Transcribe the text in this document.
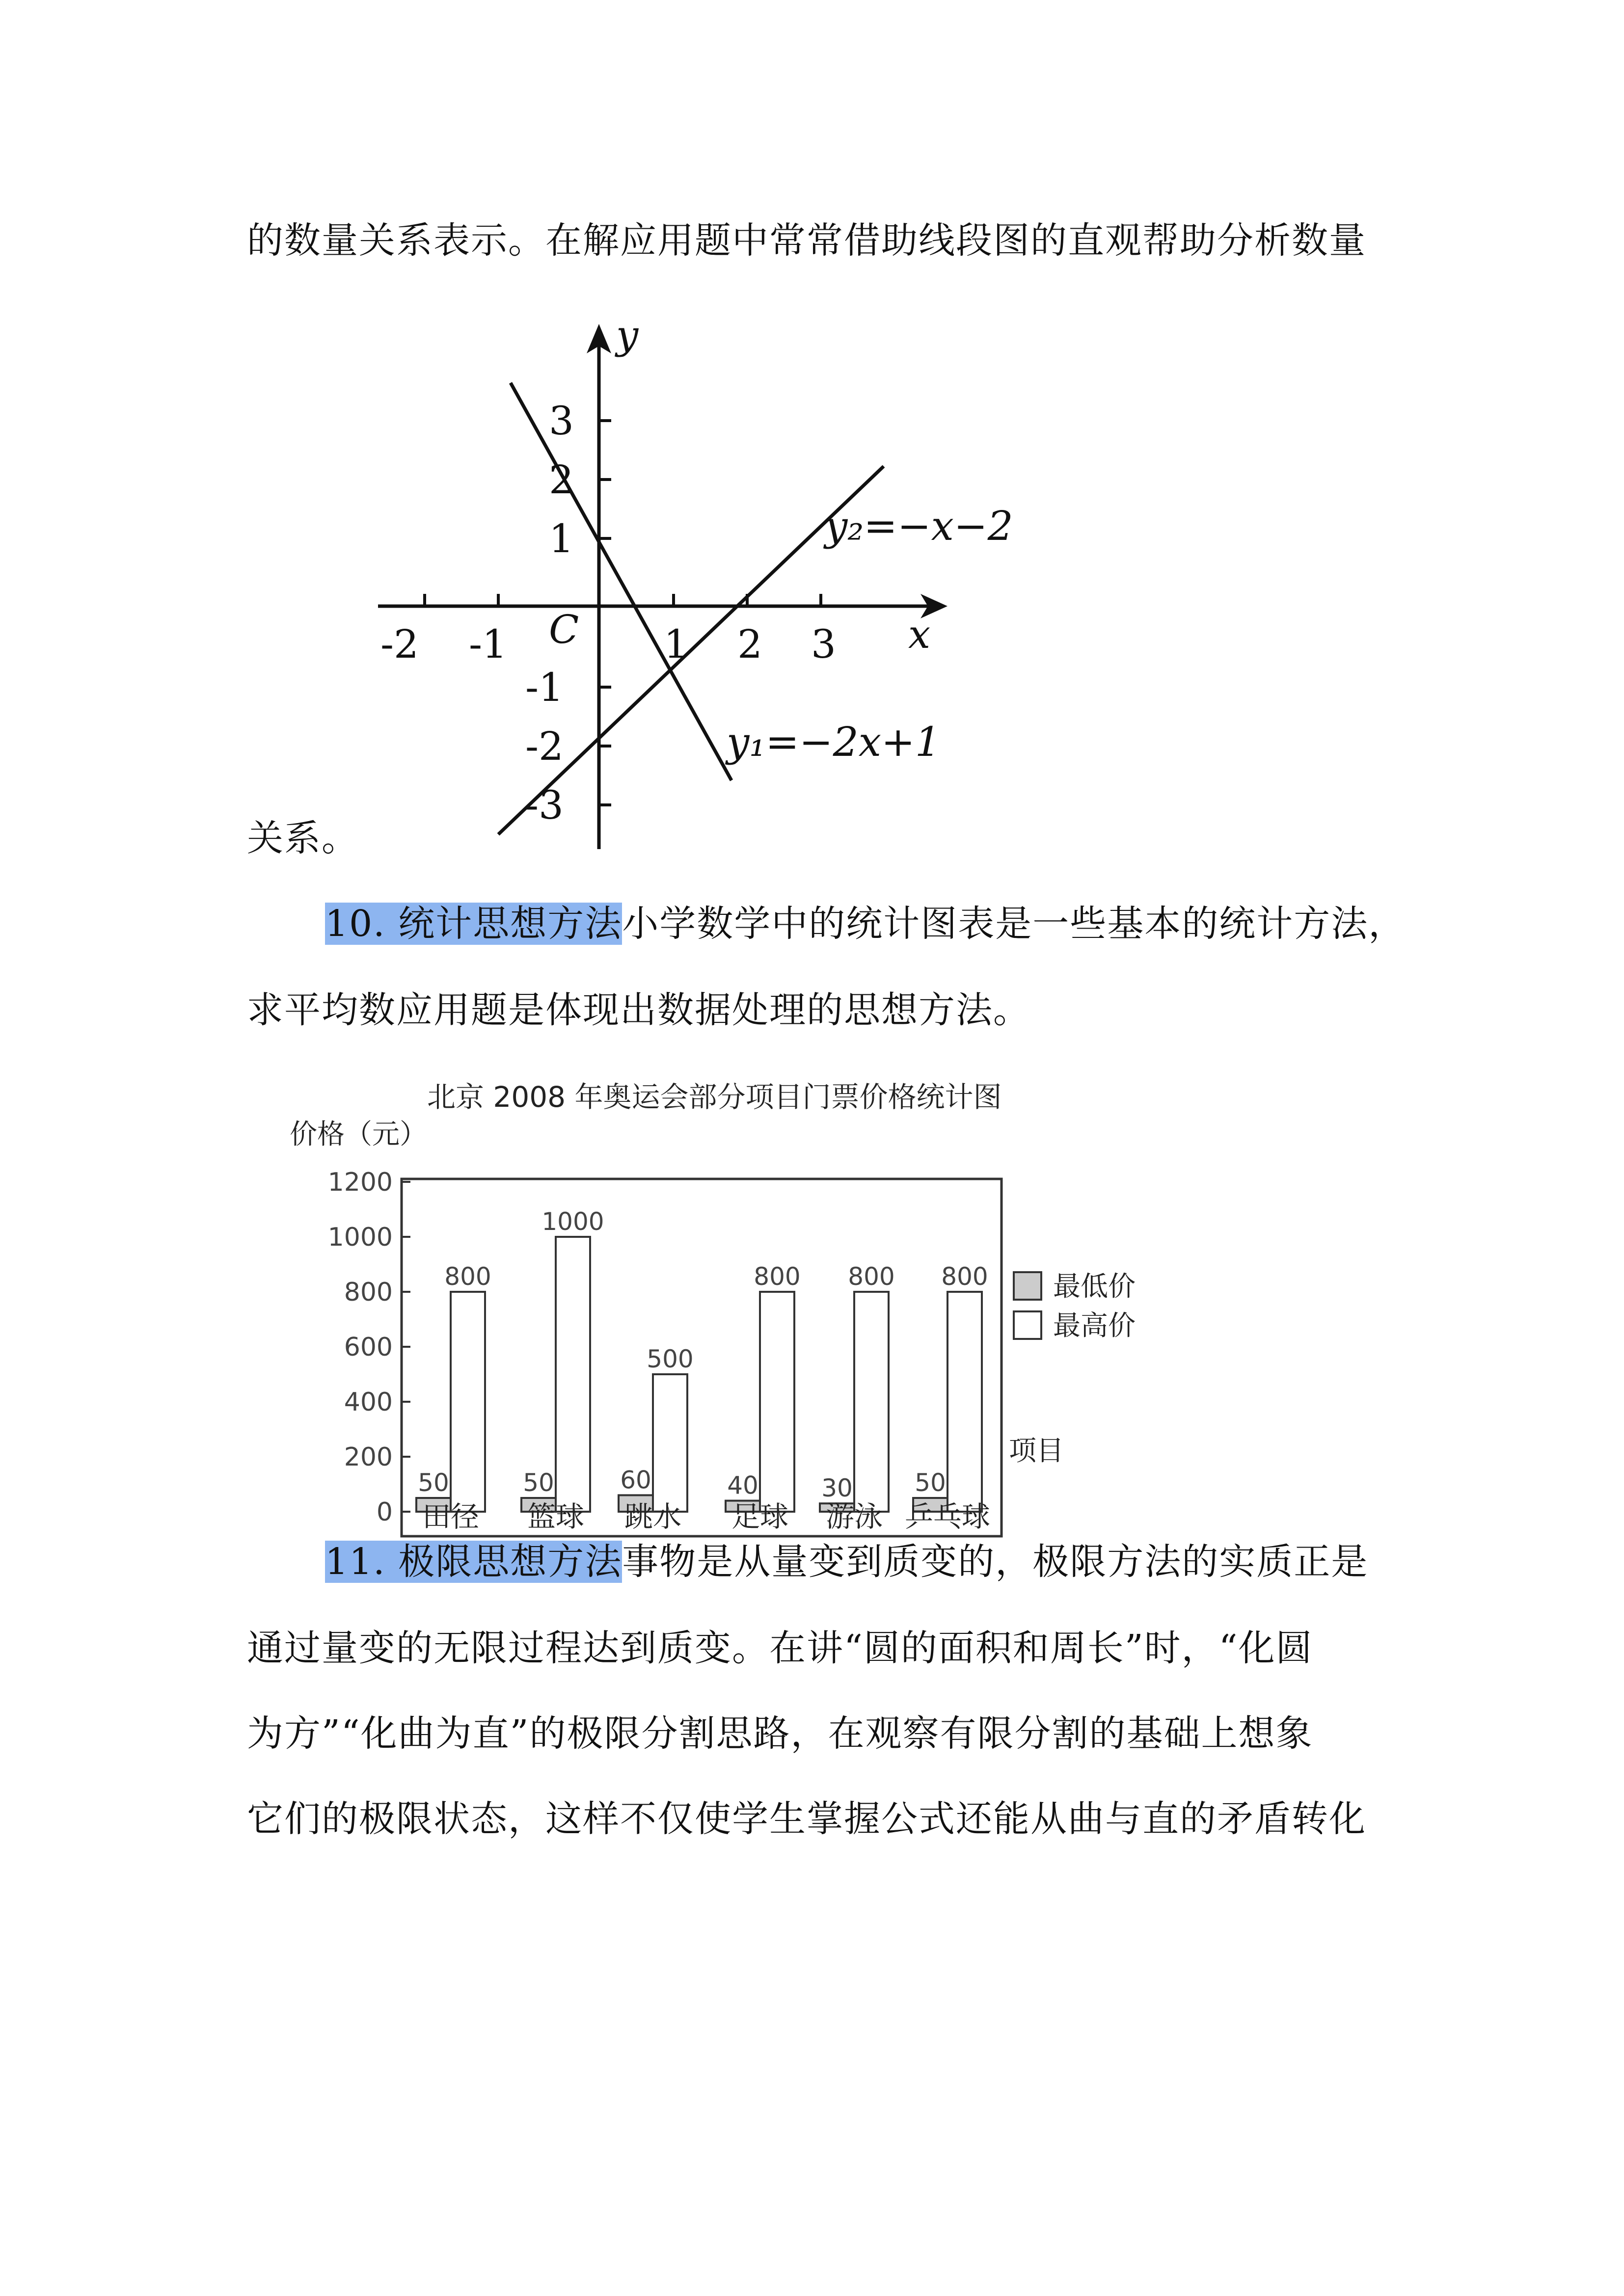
的数量关系表示。在解应用题中常常借助线段图的直观帮助分析数量
y
x
C
-2 -1	1 2 3
3
2
1
-1
-2
-3
y₂=−x−2
y₁=−2x+1
关系。
10. 统计思想方法小学数学中的统计图表是一些基本的统计方法，
求平均数应用题是体现出数据处理的思想方法。
北京 2008 年奥运会部分项目门票价格统计图
价格（元）
0
200
400
600
800
1000
1200
50
800
50
1000
60
500
40
800
30
800
50
800
田径 篮球 跳水 足球 游泳 乒乓球
项目
最低价
最高价
11. 极限思想方法事物是从量变到质变的，极限方法的实质正是
通过量变的无限过程达到质变。在讲“圆的面积和周长”时，“化圆
为方”“化曲为直”的极限分割思路，在观察有限分割的基础上想象
它们的极限状态，这样不仅使学生掌握公式还能从曲与直的矛盾转化
